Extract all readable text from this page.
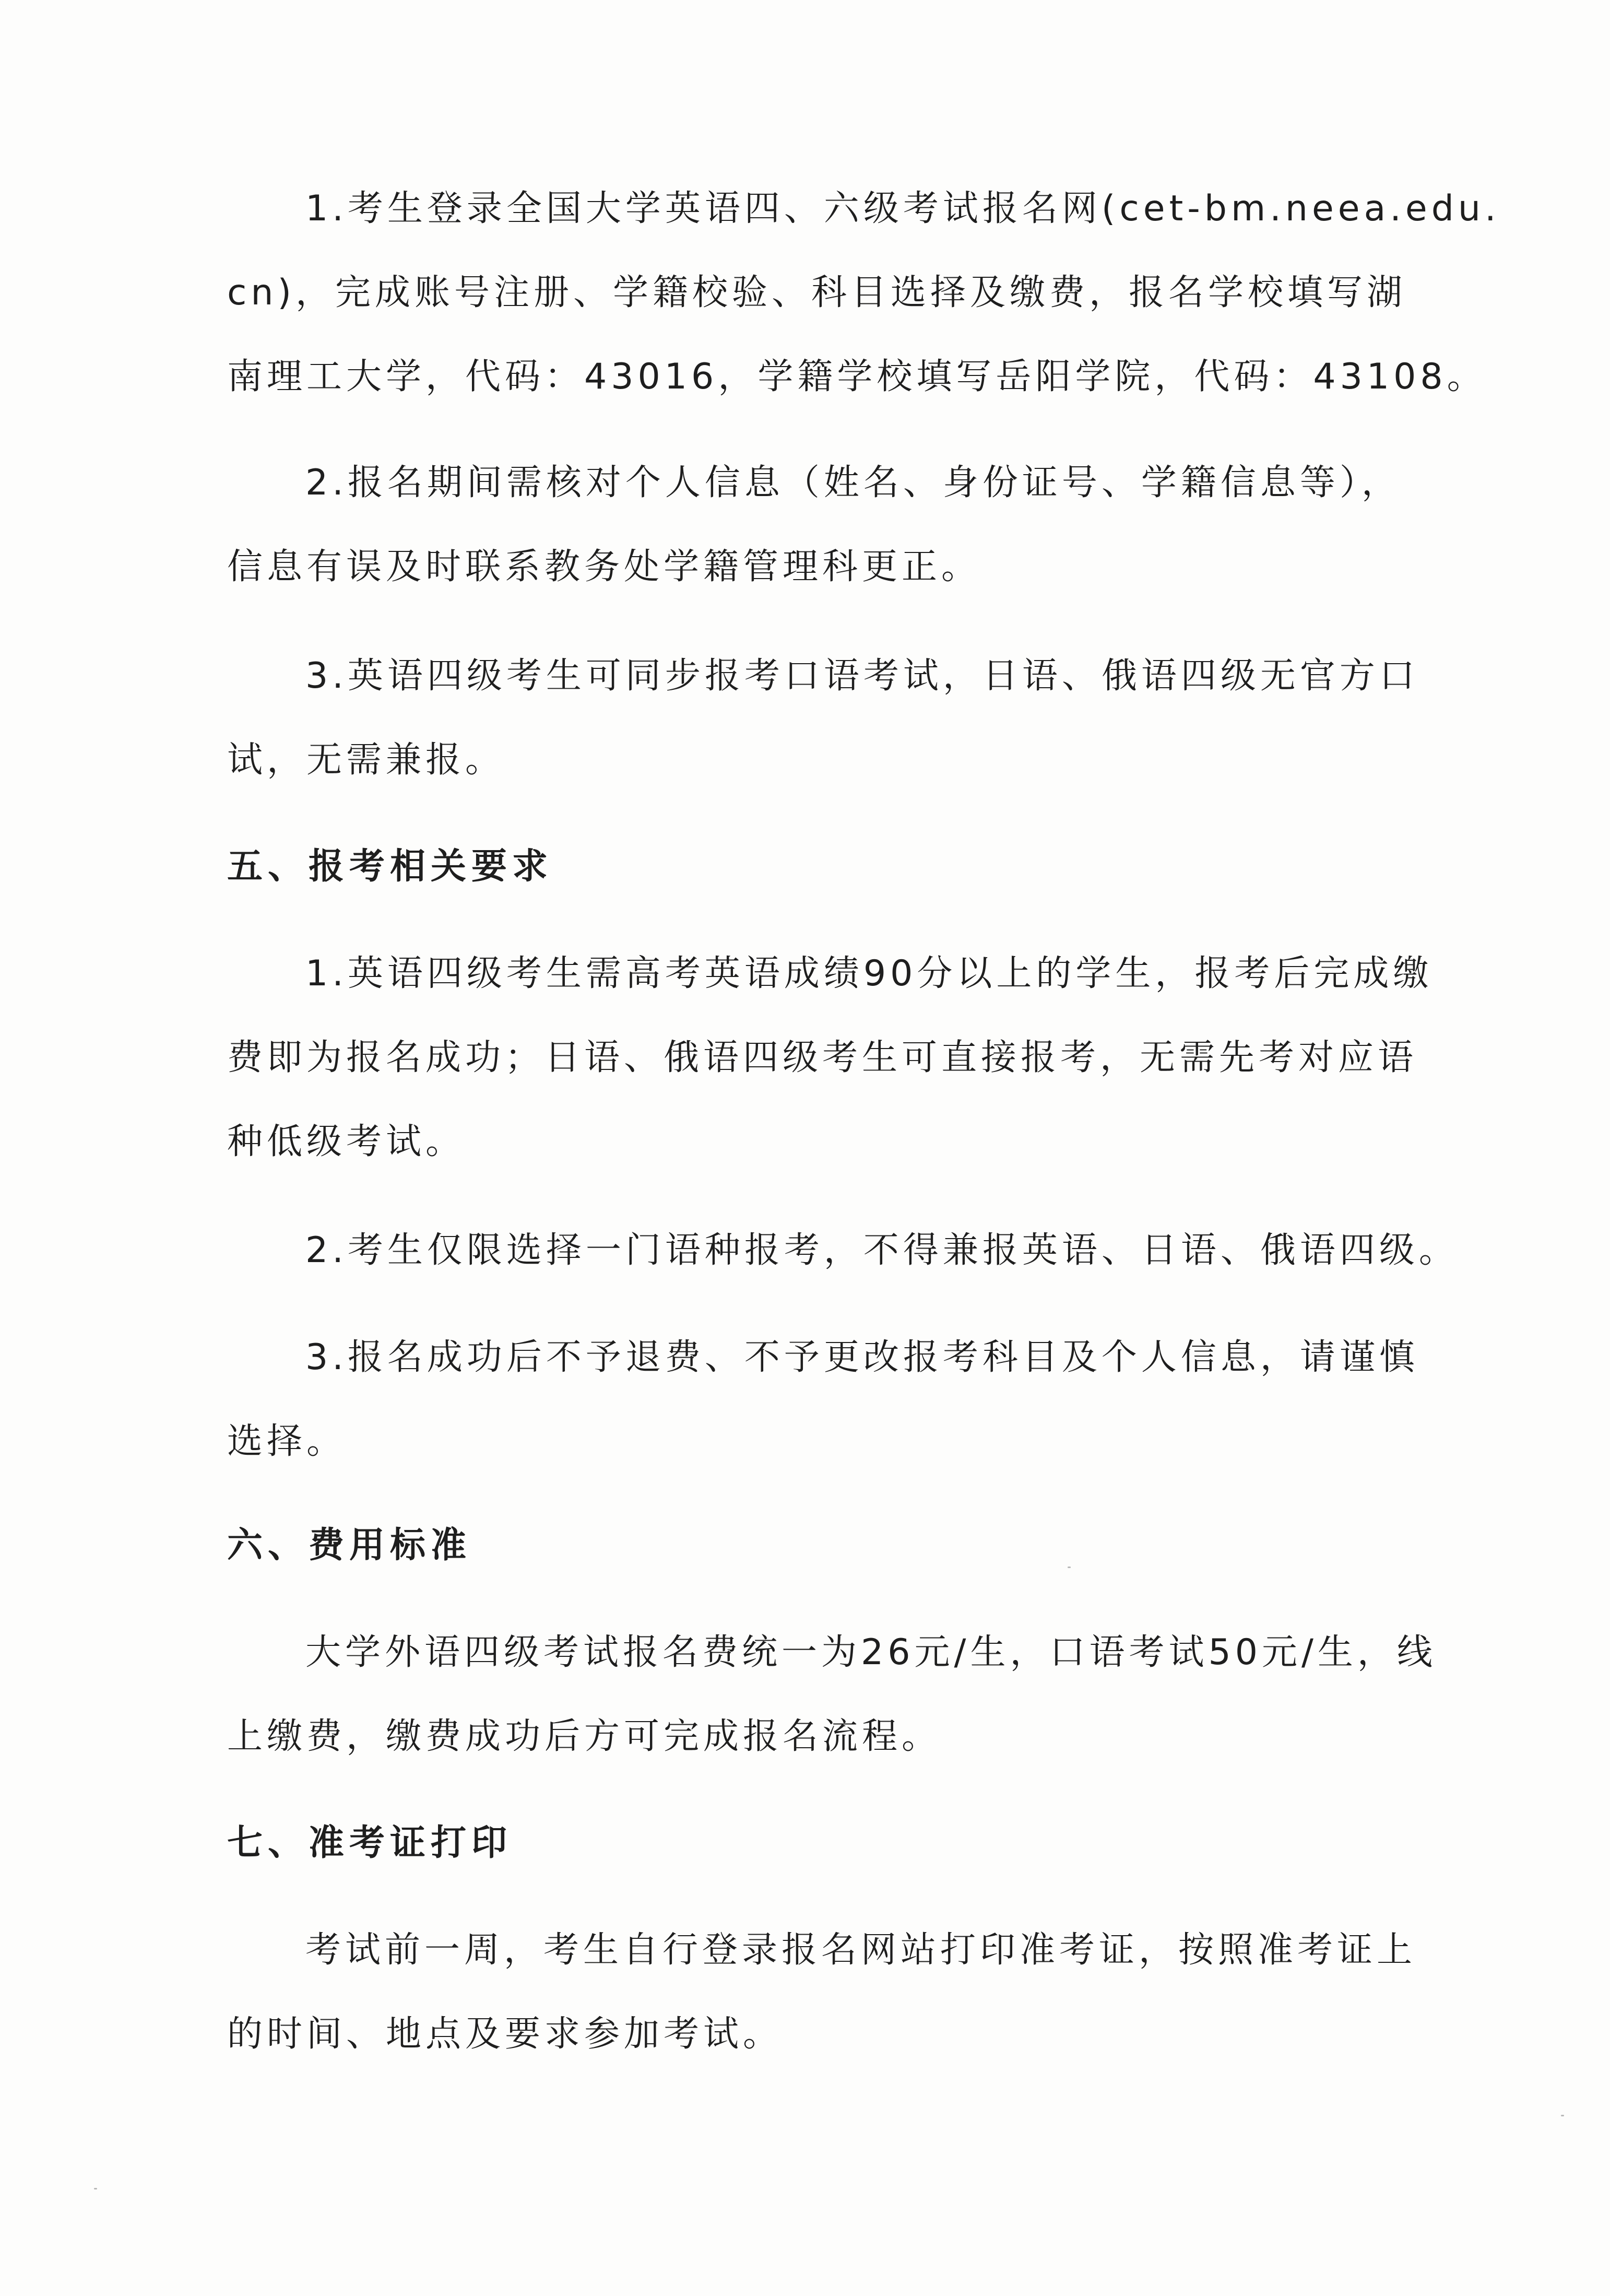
1.考生登录全国大学英语四、六级考试报名网(cet-bm.neea.edu.
cn)，完成账号注册、学籍校验、科目选择及缴费，报名学校填写湖
南理工大学，代码：43016，学籍学校填写岳阳学院，代码：43108。
2.报名期间需核对个人信息（姓名、身份证号、学籍信息等），
信息有误及时联系教务处学籍管理科更正。
3.英语四级考生可同步报考口语考试，日语、俄语四级无官方口
试，无需兼报。
五、报考相关要求
1.英语四级考生需高考英语成绩90分以上的学生，报考后完成缴
费即为报名成功；日语、俄语四级考生可直接报考，无需先考对应语
种低级考试。
2.考生仅限选择一门语种报考，不得兼报英语、日语、俄语四级。
3.报名成功后不予退费、不予更改报考科目及个人信息，请谨慎
选择。
六、费用标准
大学外语四级考试报名费统一为26元/生，口语考试50元/生，线
上缴费，缴费成功后方可完成报名流程。
七、准考证打印
考试前一周，考生自行登录报名网站打印准考证，按照准考证上
的时间、地点及要求参加考试。
